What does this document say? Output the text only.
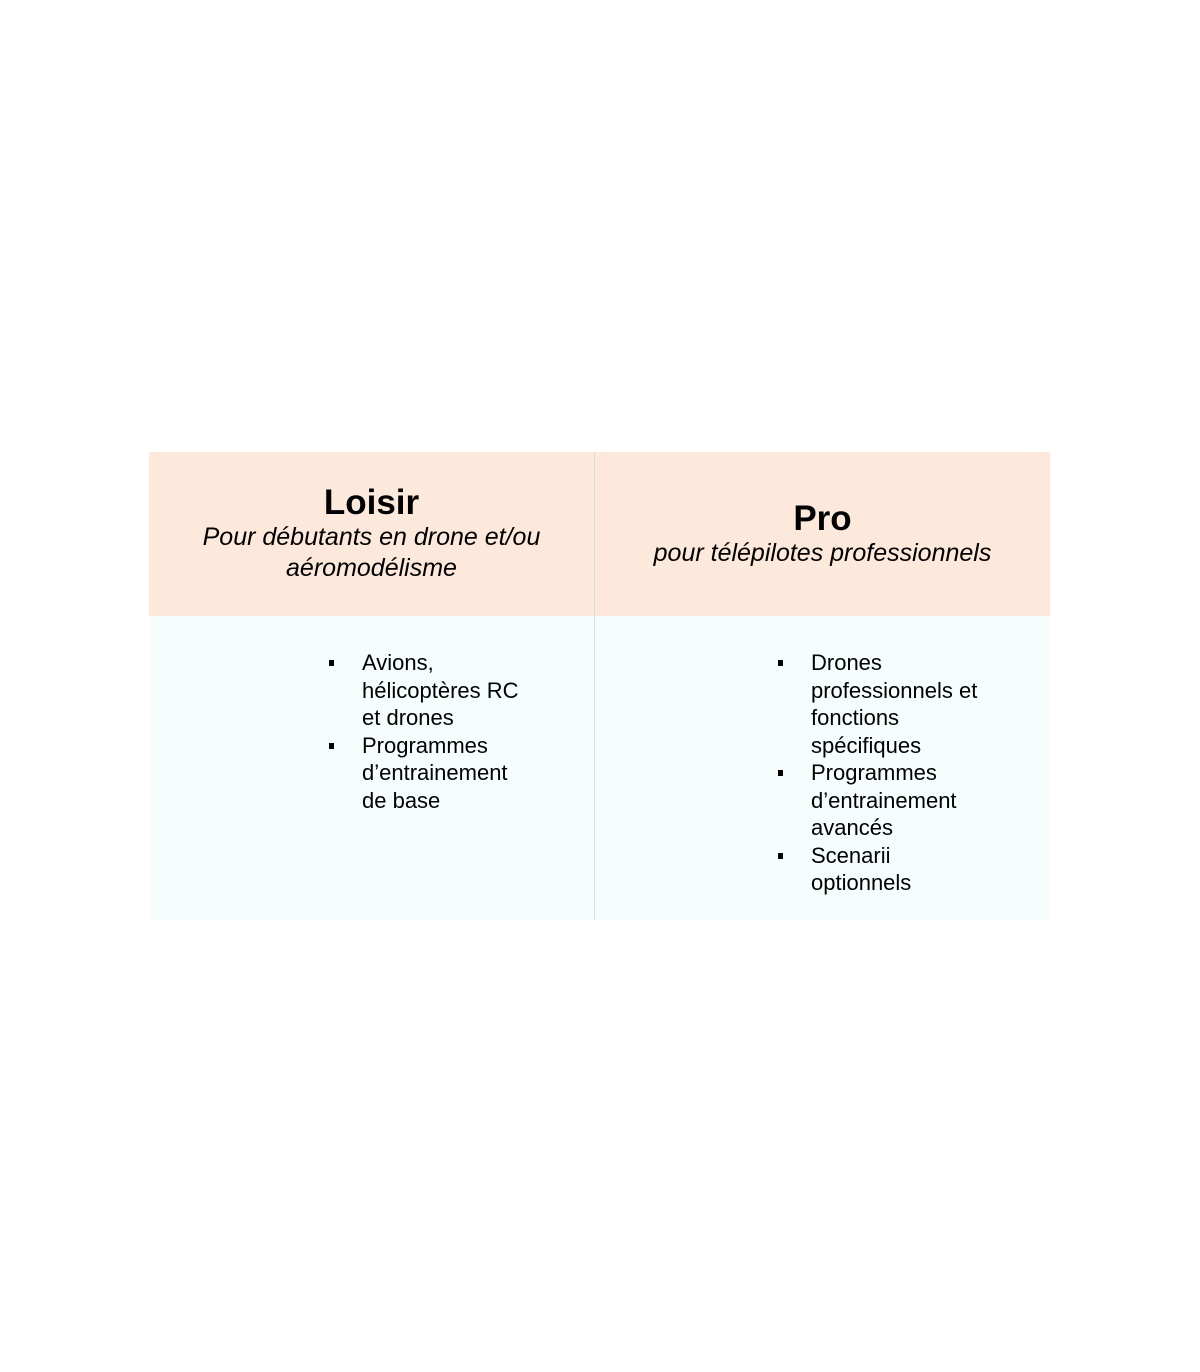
Loisir
Pour débutants en drone et/ou
aéromodélisme
Avions,
hélicoptères RC
et drones
Programmes
d’entrainement
de base
Pro
pour télépilotes professionnels
Drones
professionnels et
fonctions
spécifiques
Programmes
d’entrainement
avancés
Scenarii
optionnels
